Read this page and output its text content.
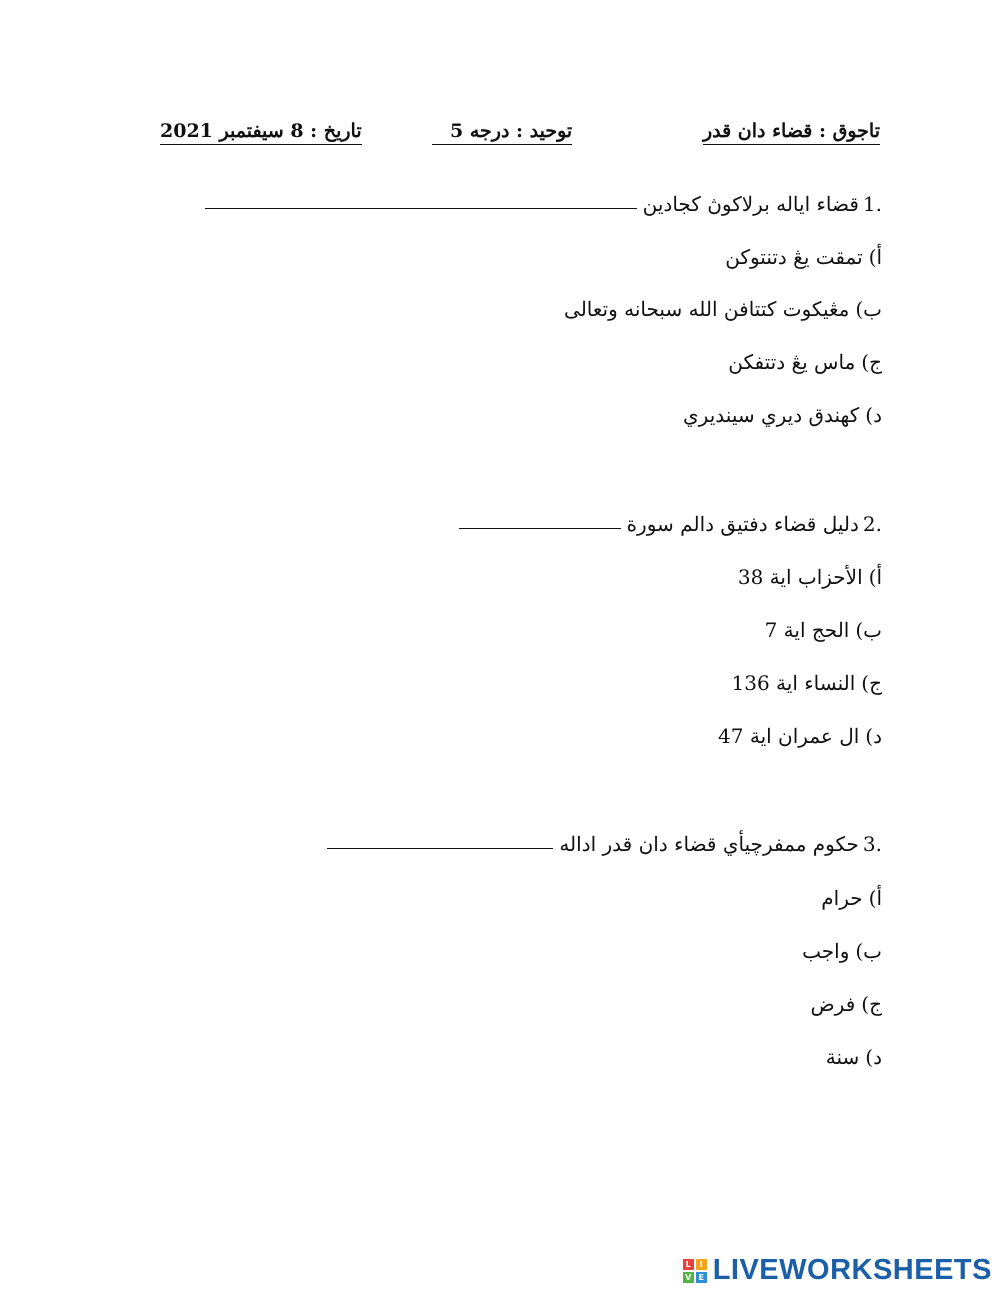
تاجوق : قضاء دان قدر
توحيد : درجه 5
تاريخ : 8 سيفتمبر 2021
1.
قضاء اياله برلاكوڽ كجادين
أ)تمقت يڠ دتنتوكن
ب)مڠيكوت كتتافن الله سبحانه وتعالى
ج)ماس يڠ دتتفكن
د)كهندق ديري سينديري
2.
دليل قضاء دفتيق دالم سورة
أ)الأحزاب اية 38
ب)الحج اية 7
ج)النساء اية 136
د)ال عمران اية 47
3.
حكوم ممفرچيأي قضاء دان قدر اداله
أ)حرام
ب)واجب
ج)فرض
د)سنة
L	I
V E LIVEWORKSHEETS
